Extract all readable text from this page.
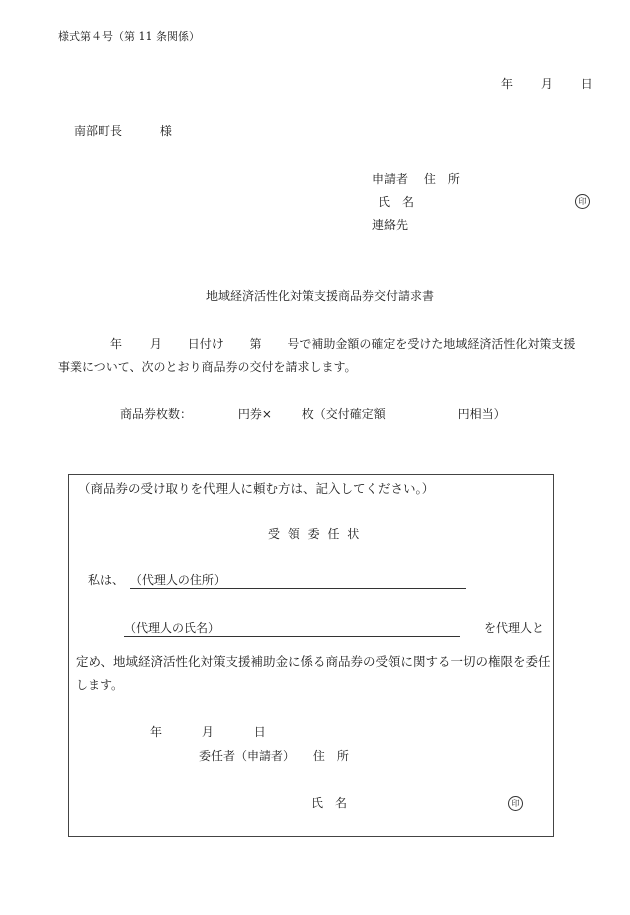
様式第４号（第 11 条関係）
年 月 日
南部町長	様
申請者 住　所
氏　名	印
連絡先
地域経済活性化対策支援商品券交付請求書
年 月 日付け 第 号で補助金額の確定を受けた地域経済活性化対策支援
事業について、次のとおり商品券の交付を請求します。
商品券枚数：	円券× 枚（交付確定額	円相当）
（商品券の受け取りを代理人に頼む方は、記入してください。）
受 領 委 任 状
私は、 （代理人の住所）
（代理人の氏名）	を代理人と
定め、地域経済活性化対策支援補助金に係る商品券の受領に関する一切の権限を委任
します。
年	月	日
委任者（申請者） 住　所
氏　名	印
